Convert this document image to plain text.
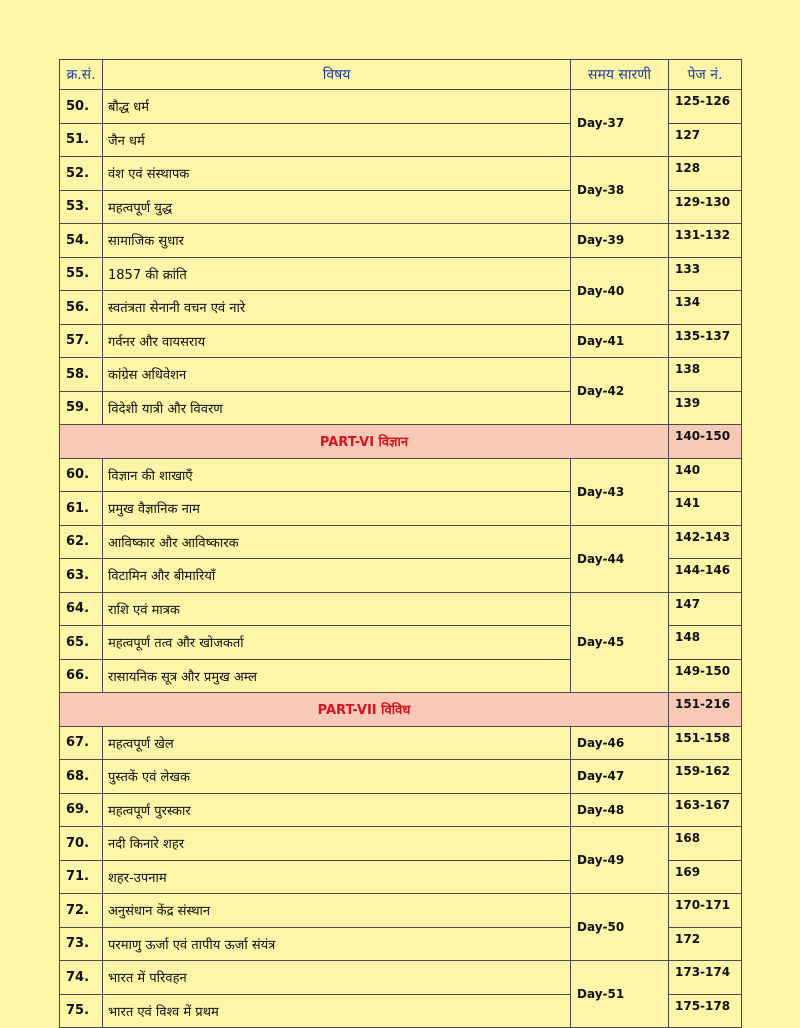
क्र.सं.	विषय	समय सारणी	पेज नं.
50.	बौद्ध धर्म	Day-37	125-126
51.	जैन धर्म		127
52.	वंश एवं संस्थापक	Day-38	128
53.	महत्वपूर्ण युद्ध		129-130
54.	सामाजिक सुधार	Day-39	131-132
55.	1857 की क्रांति	Day-40	133
56.	स्वतंत्रता सेनानी वचन एवं नारे		134
57.	गर्वनर और वायसराय	Day-41	135-137
58.	कांग्रेस अधिवेशन	Day-42	138
59.	विदेशी यात्री और विवरण		139
PART-VI विज्ञान			140-150
60.	विज्ञान की शाखाएँ	Day-43	140
61.	प्रमुख वैज्ञानिक नाम		141
62.	आविष्कार और आविष्कारक	Day-44	142-143
63.	विटामिन और बीमारियाँ		144-146
64.	राशि एवं मात्रक	Day-45	147
65.	महत्वपूर्ण तत्व और खोजकर्ता		148
66.	रासायनिक सूत्र और प्रमुख अम्ल		149-150
PART-VII विविध			151-216
67.	महत्वपूर्ण खेल	Day-46	151-158
68.	पुस्तकें एवं लेखक	Day-47	159-162
69.	महत्वपूर्ण पुरस्कार	Day-48	163-167
70.	नदी किनारे शहर	Day-49	168
71.	शहर-उपनाम		169
72.	अनुसंधान केंद्र संस्थान	Day-50	170-171
73.	परमाणु ऊर्जा एवं तापीय ऊर्जा संयंत्र		172
74.	भारत में परिवहन	Day-51	173-174
75.	भारत एवं विश्व में प्रथम		175-178
